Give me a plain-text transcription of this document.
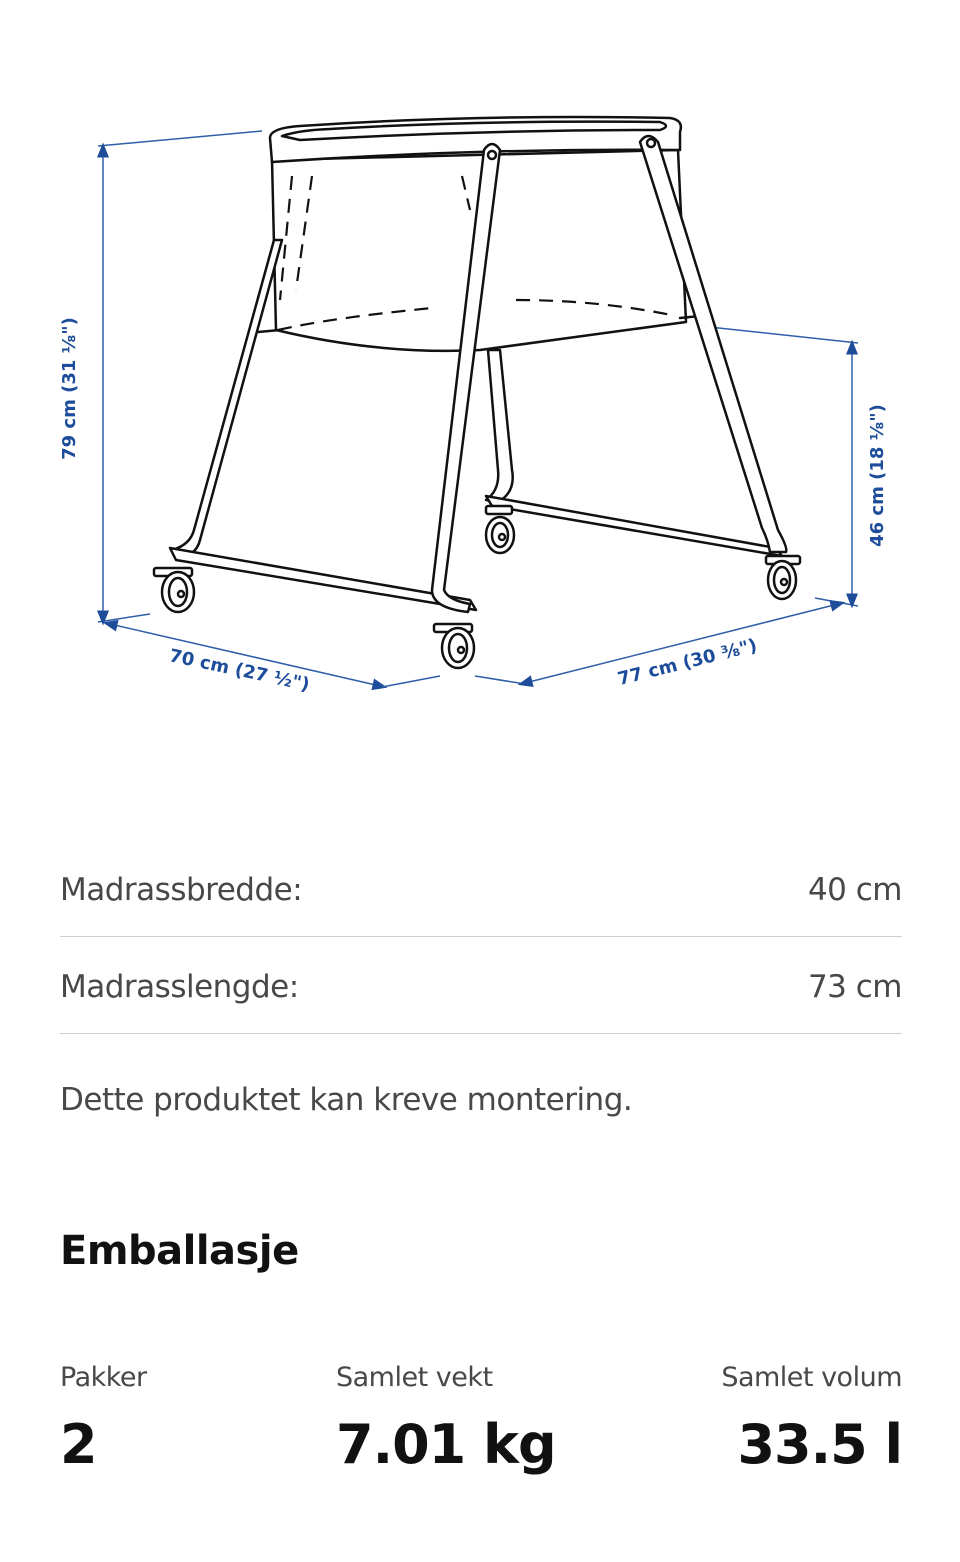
79 cm (31 ⅛")
46 cm (18 ⅛")
70 cm (27 ½")	77 cm (30 ⅜")
Madrassbredde:	40 cm
Madrasslengde:	73 cm
Dette produktet kan kreve montering.
Emballasje
Pakker
2
Samlet vekt
7.01 kg
Samlet volum
33.5 l
